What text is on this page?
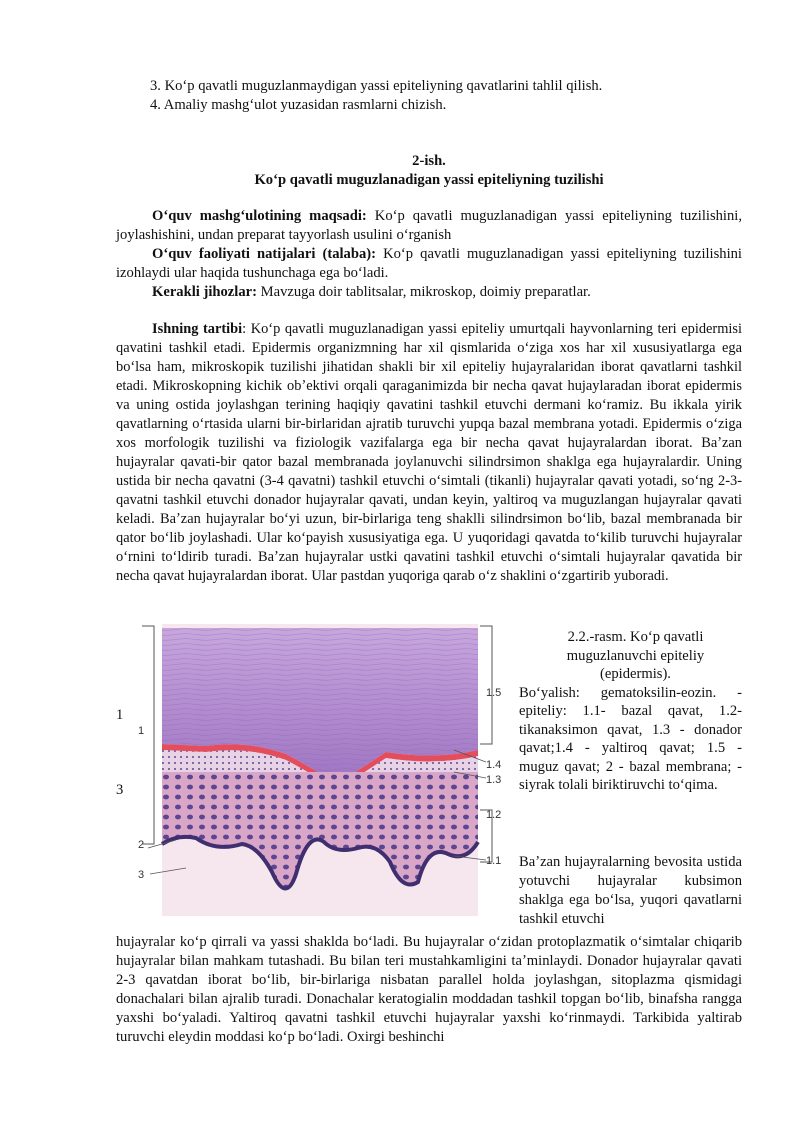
3. Koʻp qavatli muguzlanmaydigan yassi epiteliyning qavatlarini tahlil qilish.
4. Amaliy mashgʻulot yuzasidan rasmlarni chizish.
2-ish.
Koʻp qavatli muguzlanadigan yassi epiteliyning tuzilishi

Oʻquv mashgʻulotining maqsadi: Koʻp qavatli muguzlanadigan yassi epiteliyning tuzilishini, joylashishini, undan preparat tayyorlash usulini oʻrganish

Oʻquv faoliyati natijalari (talaba): Koʻp qavatli muguzlanadigan yassi epiteliyning tuzilishini izohlaydi ular haqida tushunchaga ega boʻladi.

Kerakli jihozlar: Mavzuga doir tablitsalar, mikroskop, doimiy preparatlar.

Ishning tartibi: Koʻp qavatli muguzlanadigan yassi epiteliy umurtqali hayvonlarning teri epidermisi qavatini tashkil etadi. Epidermis organizmning har xil qismlarida oʻziga xos har xil xususiyatlarga ega boʻlsa ham, mikroskopik tuzilishi jihatidan shakli bir xil epiteliy hujayralaridan iborat qavatlarni tashkil etadi. Mikroskopning kichik obʼektivi orqali qaraganimizda bir necha qavat hujaylaradan iborat epidermis va uning ostida joylashgan terining haqiqiy qavatini tashkil etuvchi dermani koʻramiz. Bu ikkala yirik qavatlarning oʻrtasida ularni bir-birlaridan ajratib turuvchi yupqa bazal membrana yotadi. Epidermis oʻziga xos morfologik tuzilishi va fiziologik vazifalarga ega bir necha qavat hujayralardan iborat. Baʼzan hujayralar qavati-bir qator bazal membranada joylanuvchi silindrsimon shaklga ega hujayralardir. Uning ustida bir necha qavatni (3-4 qavatni) tashkil etuvchi oʻsimtali (tikanli) hujayralar qavati yotadi, soʻng 2-3- qavatni tashkil etuvchi donador hujayralar qavati, undan keyin, yaltiroq va muguzlangan hujayralar qavati keladi. Baʼzan hujayralar boʻyi uzun, bir-birlariga teng shaklli silindrsimon boʻlib, bazal membranada bir qator boʻlib joylashadi. Ular koʻpayish xususiyatiga ega. U yuqoridagi qavatda toʻkilib turuvchi hujayralar oʻrnini toʻldirib turadi. Baʼzan hujayralar ustki qavatini tashkil etuvchi oʻsimtali hujayralar qavatida bir necha qavat hujayralardan iborat. Ular pastdan yuqoriga qarab oʻz shaklini oʻzgartirib yuboradi.

1
3
1
2
3
1.5
1.4
1.3
1.2
1.1
2.2.-rasm. Koʻp qavatli muguzlanuvchi epiteliy (epidermis).
Boʻyalish: gematoksilin-eozin. - epiteliy: 1.1- bazal qavat, 1.2- tikanaksimon qavat, 1.3 - donador qavat;1.4 - yaltiroq qavat; 1.5 - muguz qavat; 2 - bazal membrana; - siyrak tolali biriktiruvchi toʻqima.
Baʼzan hujayralarning bevosita ustida yotuvchi hujayralar kubsimon shaklga ega boʻlsa, yuqori qavatlarni tashkil etuvchi
hujayralar koʻp qirrali va yassi shaklda boʻladi. Bu hujayralar oʻzidan protoplazmatik oʻsimtalar chiqarib hujayralar bilan mahkam tutashadi. Bu bilan teri mustahkamligini taʼminlaydi. Donador hujayralar qavati 2-3 qavatdan iborat boʻlib, bir-birlariga nisbatan parallel holda joylashgan, sitoplazma qismidagi donachalari bilan ajralib turadi. Donachalar keratogialin moddadan tashkil topgan boʻlib, binafsha rangga yaxshi boʻyaladi. Yaltiroq qavatni tashkil etuvchi hujayralar yaxshi koʻrinmaydi. Tarkibida yaltirab turuvchi eleydin moddasi koʻp boʻladi. Oxirgi beshinchi
